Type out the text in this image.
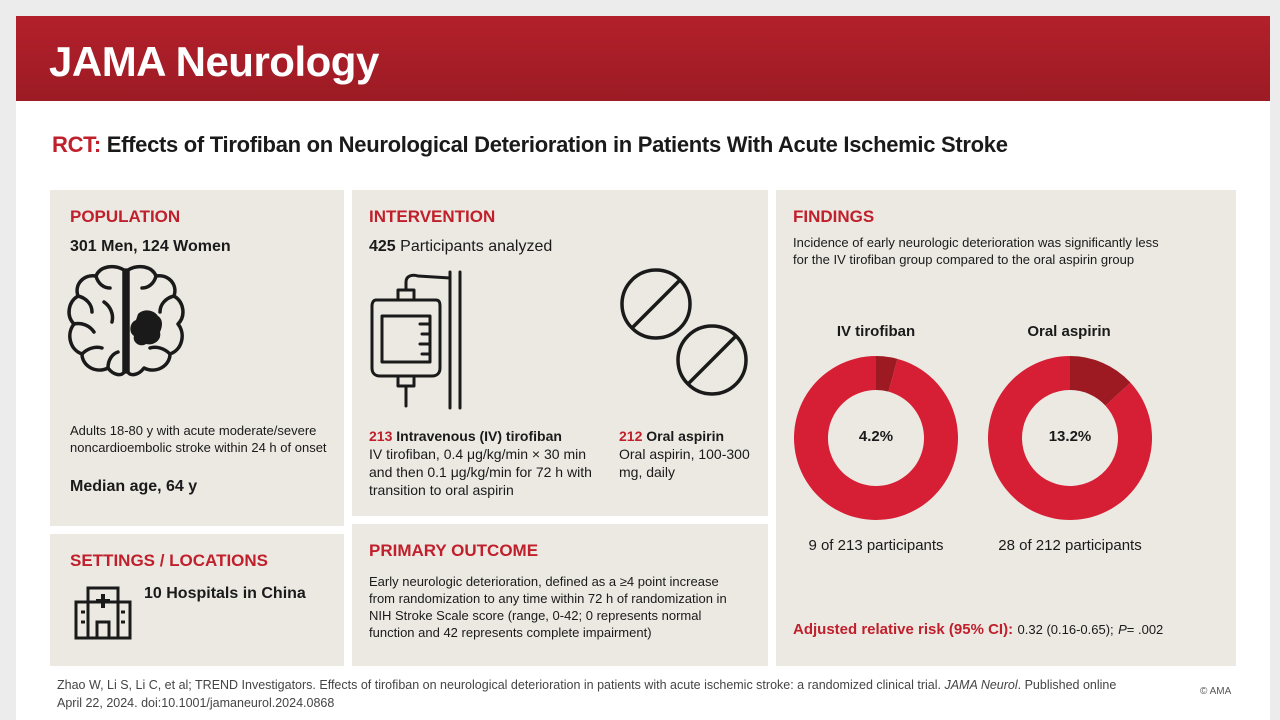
JAMA Neurology
RCT: Effects of Tirofiban on Neurological Deterioration in Patients With Acute Ischemic Stroke
POPULATION
301 Men, 124 Women
Adults 18-80 y with acute moderate/severe noncardioembolic stroke within 24 h of onset
Median age, 64 y
SETTINGS / LOCATIONS
10 Hospitals in China
INTERVENTION
425 Participants analyzed
213 Intravenous (IV) tirofiban
IV tirofiban, 0.4 μg/kg/min × 30 min and then 0.1 μg/kg/min for 72 h with transition to oral aspirin
212 Oral aspirin
Oral aspirin, 100-300 mg, daily
PRIMARY OUTCOME
Early neurologic deterioration, defined as a ≥4 point increase from randomization to any time within 72 h of randomization in NIH Stroke Scale score (range, 0-42; 0 represents normal function and 42 represents complete impairment)
FINDINGS
Incidence of early neurologic deterioration was significantly less for the IV tirofiban group compared to the oral aspirin group
IV tirofiban	Oral aspirin
4.2%	13.2%
9 of 213 participants	28 of 212 participants
Adjusted relative risk (95% CI): 0.32 (0.16-0.65); P= .002
Zhao W, Li S, Li C, et al; TREND Investigators. Effects of tirofiban on neurological deterioration in patients with acute ischemic stroke: a randomized clinical trial. JAMA Neurol. Published online April 22, 2024. doi:10.1001/jamaneurol.2024.0868
© AMA
